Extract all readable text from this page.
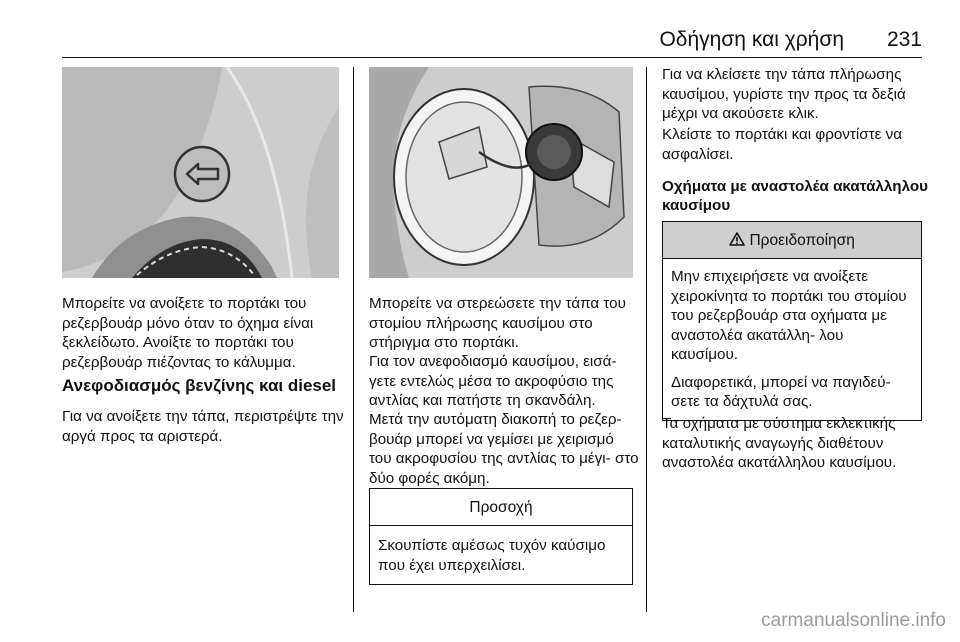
Οδήγηση και χρήση 231
Μπορείτε να ανοίξετε το πορτάκι του ρεζερβουάρ μόνο όταν το όχημα είναι ξεκλείδωτο. Ανοίξτε το πορτάκι του ρεζερβουάρ πιέζοντας το κάλυμμα.
Ανεφοδιασμός βενζίνης και diesel
Για να ανοίξετε την τάπα, περιστρέψτε την αργά προς τα αριστερά.
Μπορείτε να στερεώσετε την τάπα του στομίου πλήρωσης καυσίμου στο στήριγμα στο πορτάκι.
Για τον ανεφοδιασμό καυσίμου, εισά‐ γετε εντελώς μέσα το ακροφύσιο της αντλίας και πατήστε τη σκανδάλη.
Μετά την αυτόματη διακοπή το ρεζερ‐ βουάρ μπορεί να γεμίσει με χειρισμό του ακροφυσίου της αντλίας το μέγι‐ στο δύο φορές ακόμη.
Προσοχή
Σκουπίστε αμέσως τυχόν καύσιμο που έχει υπερχειλίσει.
Για να κλείσετε την τάπα πλήρωσης καυσίμου, γυρίστε την προς τα δεξιά μέχρι να ακούσετε κλικ.
Κλείστε το πορτάκι και φροντίστε να ασφαλίσει.
Οχήματα με αναστολέα ακατάλληλου καυσίμου
Προειδοποίηση
Μην επιχειρήσετε να ανοίξετε χειροκίνητα το πορτάκι του στομίου του ρεζερβουάρ στα οχήματα με αναστολέα ακατάλλη‐ λου καυσίμου.
Διαφορετικά, μπορεί να παγιδεύ‐ σετε τα δάχτυλά σας.
Τα οχήματα με σύστημα εκλεκτικής καταλυτικής αναγωγής διαθέτουν αναστολέα ακατάλληλου καυσίμου.
carmanualsonline.info
